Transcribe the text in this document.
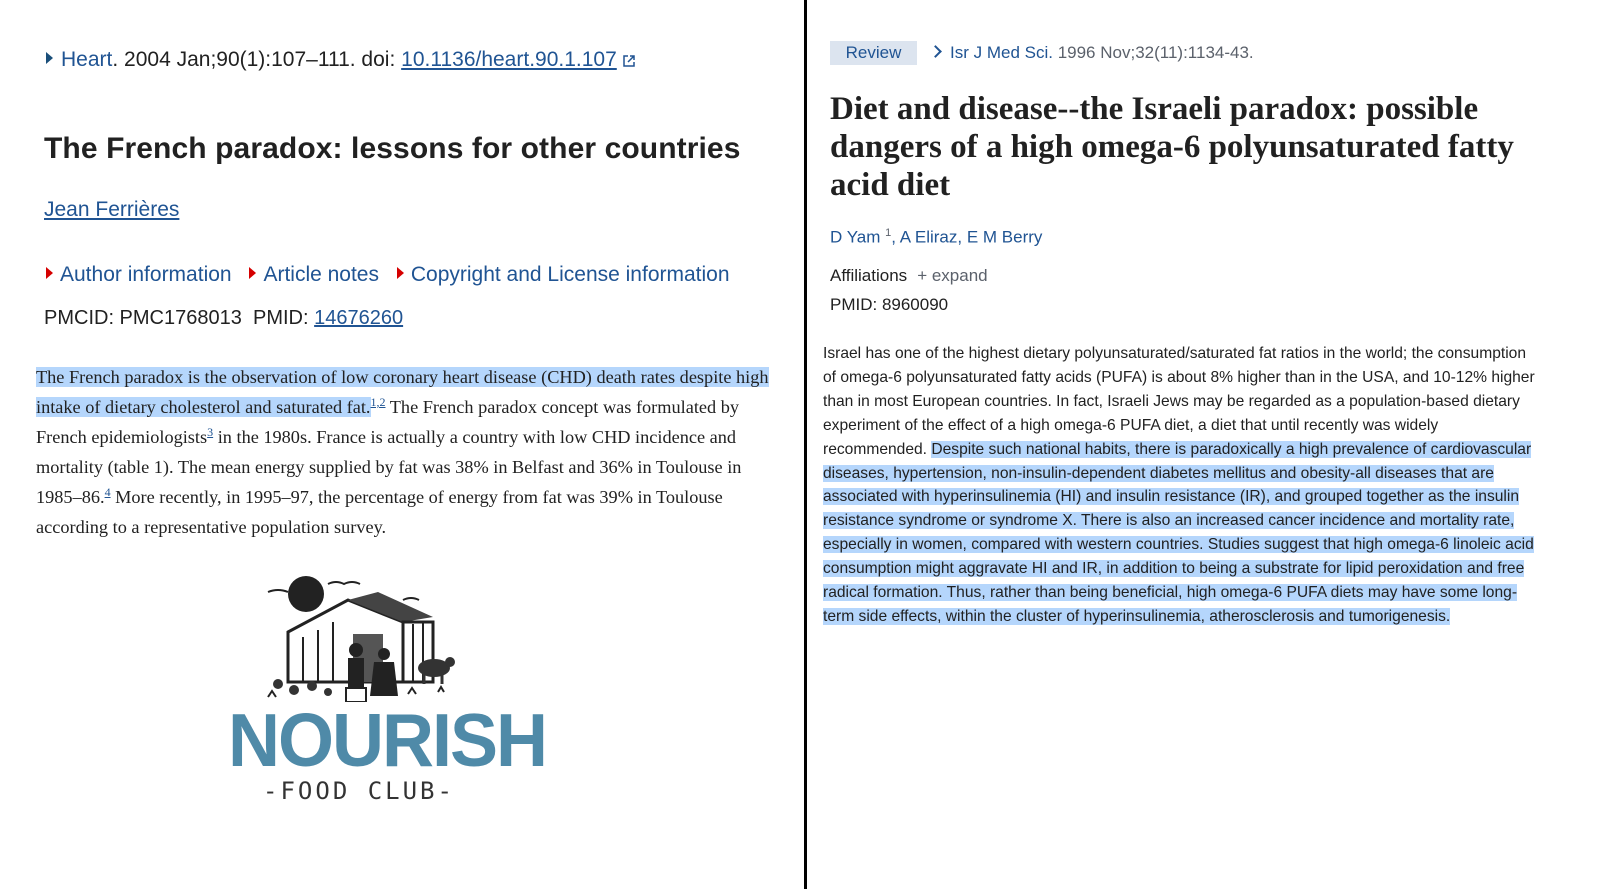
Heart. 2004 Jan;90(1):107–111. doi: 10.1136/heart.90.1.107
The French paradox: lessons for other countries
Jean Ferrières
Author information Article notes Copyright and License information
PMCID: PMC1768013 PMID: 14676260
The French paradox is the observation of low coronary heart disease (CHD) death rates despite high intake of dietary cholesterol and saturated fat.$^{1,2}$ The French paradox concept was formulated by French epidemiologists$^3$ in the 1980s. France is actually a country with low CHD incidence and mortality (table 1). The mean energy supplied by fat was 38% in Belfast and 36% in Toulouse in 1985–86.$^4$ More recently, in 1995–97, the percentage of energy from fat was 39% in Toulouse according to a representative population survey.
NOURISH
-FOOD CLUB-
Review	Isr J Med Sci. 1996 Nov;32(11):1134-43.
Diet and disease--the Israeli paradox: possible dangers of a high omega-6 polyunsaturated fatty acid diet
D Yam $^1$, A Eliraz, E M Berry
Affiliations + expand
PMID: 8960090
Israel has one of the highest dietary polyunsaturated/saturated fat ratios in the world; the consumption of omega-6 polyunsaturated fatty acids (PUFA) is about 8% higher than in the USA, and 10-12% higher than in most European countries. In fact, Israeli Jews may be regarded as a population-based dietary experiment of the effect of a high omega-6 PUFA diet, a diet that until recently was widely recommended. Despite such national habits, there is paradoxically a high prevalence of cardiovascular diseases, hypertension, non-insulin-dependent diabetes mellitus and obesity-all diseases that are associated with hyperinsulinemia (HI) and insulin resistance (IR), and grouped together as the insulin resistance syndrome or syndrome X. There is also an increased cancer incidence and mortality rate, especially in women, compared with western countries. Studies suggest that high omega-6 linoleic acid consumption might aggravate HI and IR, in addition to being a substrate for lipid peroxidation and free radical formation. Thus, rather than being beneficial, high omega-6 PUFA diets may have some long-term side effects, within the cluster of hyperinsulinemia, atherosclerosis and tumorigenesis.
